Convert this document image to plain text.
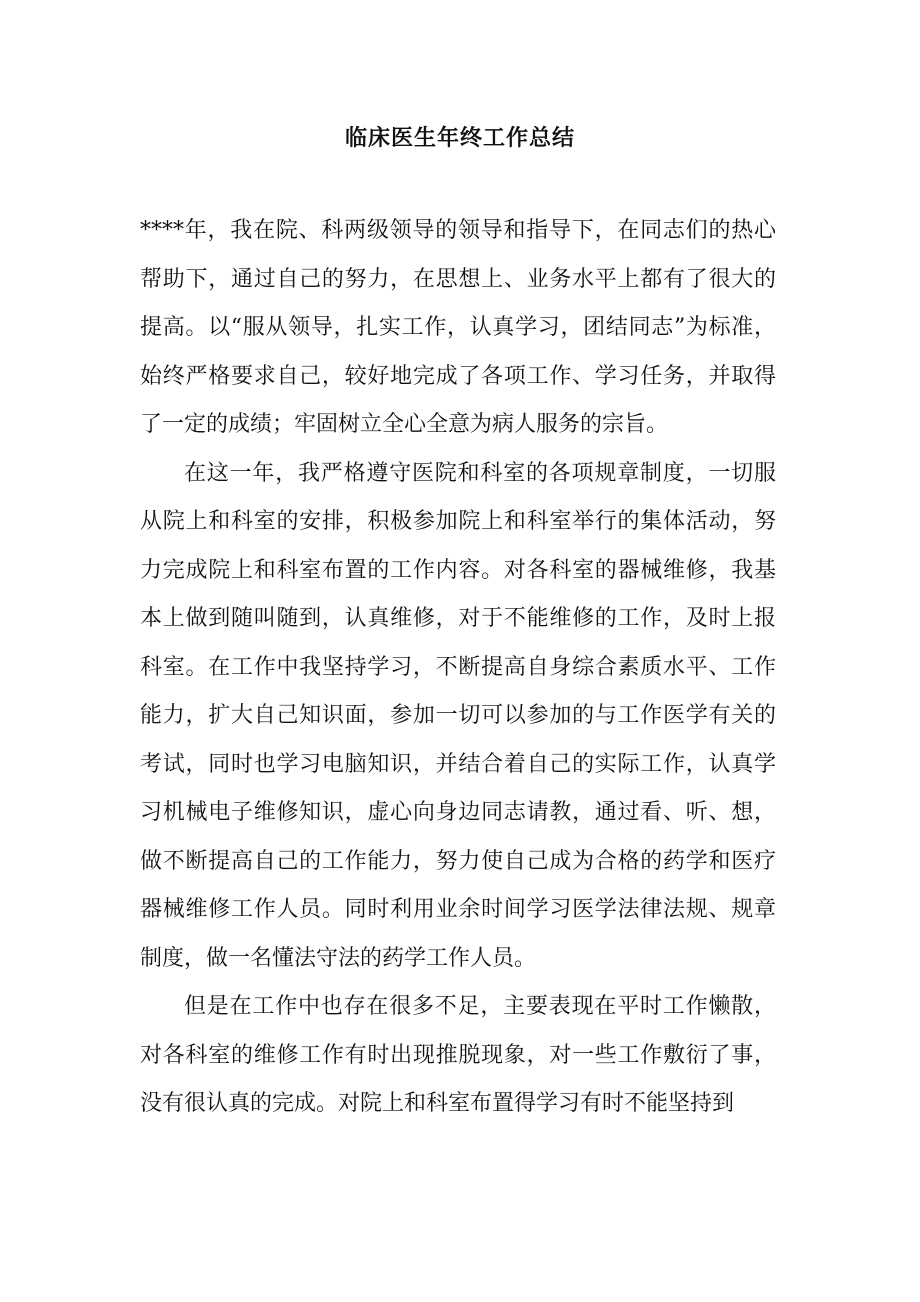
临床医生年终工作总结

****年，我在院、科两级领导的领导和指导下，在同志们的热心帮助下，通过自己的努力，在思想上、业务水平上都有了很大的提高。以“服从领导，扎实工作，认真学习，团结同志”为标准，始终严格要求自己，较好地完成了各项工作、学习任务，并取得了一定的成绩；牢固树立全心全意为病人服务的宗旨。

在这一年，我严格遵守医院和科室的各项规章制度，一切服从院上和科室的安排，积极参加院上和科室举行的集体活动，努力完成院上和科室布置的工作内容。对各科室的器械维修，我基本上做到随叫随到，认真维修，对于不能维修的工作，及时上报科室。在工作中我坚持学习，不断提高自身综合素质水平、工作能力，扩大自己知识面，参加一切可以参加的与工作医学有关的考试，同时也学习电脑知识，并结合着自己的实际工作，认真学习机械电子维修知识，虚心向身边同志请教，通过看、听、想，做不断提高自己的工作能力，努力使自己成为合格的药学和医疗器械维修工作人员。同时利用业余时间学习医学法律法规、规章制度，做一名懂法守法的药学工作人员。

但是在工作中也存在很多不足，主要表现在平时工作懒散，对各科室的维修工作有时出现推脱现象，对一些工作敷衍了事，没有很认真的完成。对院上和科室布置得学习有时不能坚持到
